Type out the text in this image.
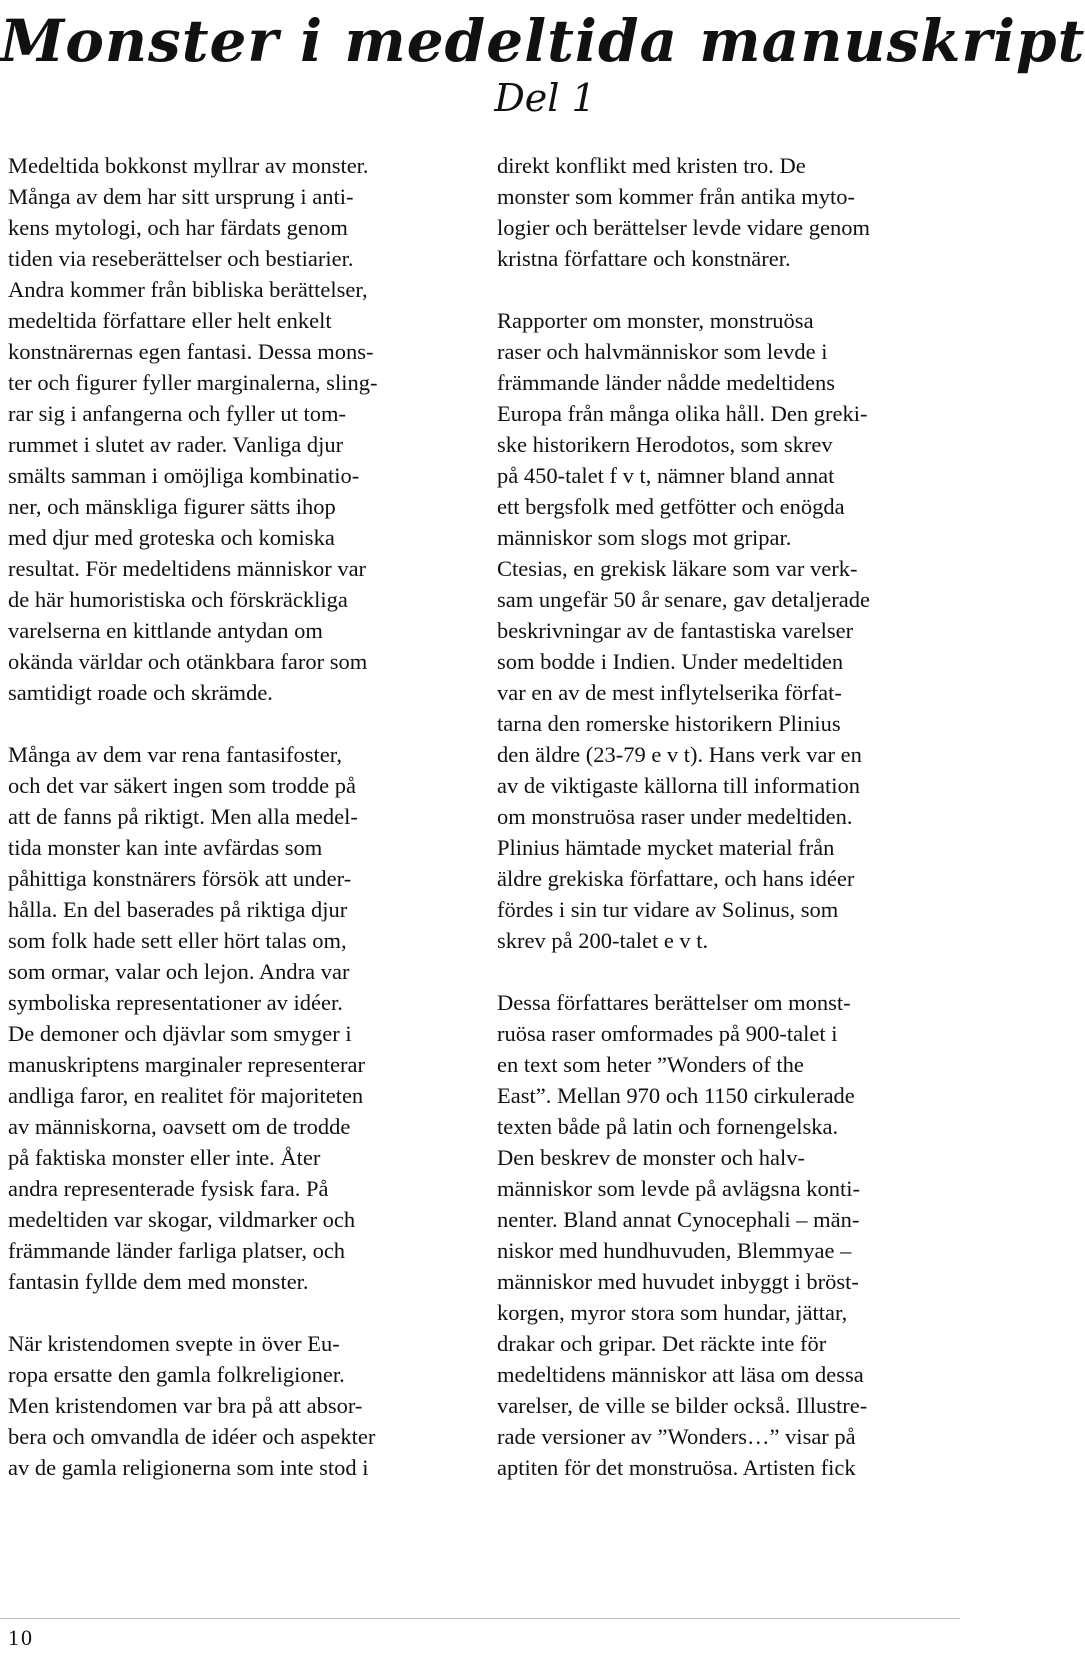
Monster i medeltida manuskript
Del 1

Medeltida bokkonst myllrar av monster.
Många av dem har sitt ursprung i anti-
kens mytologi, och har färdats genom
tiden via reseberättelser och bestiarier.
Andra kommer från bibliska berättelser,
medeltida författare eller helt enkelt
konstnärernas egen fantasi. Dessa mons-
ter och figurer fyller marginalerna, sling-
rar sig i anfangerna och fyller ut tom-
rummet i slutet av rader. Vanliga djur
smälts samman i omöjliga kombinatio-
ner, och mänskliga figurer sätts ihop
med djur med groteska och komiska
resultat. För medeltidens människor var
de här humoristiska och förskräckliga
varelserna en kittlande antydan om
okända världar och otänkbara faror som
samtidigt roade och skrämde.

Många av dem var rena fantasifoster,
och det var säkert ingen som trodde på
att de fanns på riktigt. Men alla medel-
tida monster kan inte avfärdas som
påhittiga konstnärers försök att under-
hålla. En del baserades på riktiga djur
som folk hade sett eller hört talas om,
som ormar, valar och lejon. Andra var
symboliska representationer av idéer.
De demoner och djävlar som smyger i
manuskriptens marginaler representerar
andliga faror, en realitet för majoriteten
av människorna, oavsett om de trodde
på faktiska monster eller inte. Åter
andra representerade fysisk fara. På
medeltiden var skogar, vildmarker och
främmande länder farliga platser, och
fantasin fyllde dem med monster.

När kristendomen svepte in över Eu-
ropa ersatte den gamla folkreligioner.
Men kristendomen var bra på att absor-
bera och omvandla de idéer och aspekter
av de gamla religionerna som inte stod i

direkt konflikt med kristen tro. De
monster som kommer från antika myto-
logier och berättelser levde vidare genom
kristna författare och konstnärer.

Rapporter om monster, monstruösa
raser och halvmänniskor som levde i
främmande länder nådde medeltidens
Europa från många olika håll. Den greki-
ske historikern Herodotos, som skrev
på 450-talet f v t, nämner bland annat
ett bergsfolk med getfötter och enögda
människor som slogs mot gripar.
Ctesias, en grekisk läkare som var verk-
sam ungefär 50 år senare, gav detaljerade
beskrivningar av de fantastiska varelser
som bodde i Indien. Under medeltiden
var en av de mest inflytelserika förfat-
tarna den romerske historikern Plinius
den äldre (23-79 e v t). Hans verk var en
av de viktigaste källorna till information
om monstruösa raser under medeltiden.
Plinius hämtade mycket material från
äldre grekiska författare, och hans idéer
fördes i sin tur vidare av Solinus, som
skrev på 200-talet e v t.

Dessa författares berättelser om monst-
ruösa raser omformades på 900-talet i
en text som heter ”Wonders of the
East”. Mellan 970 och 1150 cirkulerade
texten både på latin och fornengelska.
Den beskrev de monster och halv-
människor som levde på avlägsna konti-
nenter. Bland annat Cynocephali – män-
niskor med hundhuvuden, Blemmyae –
människor med huvudet inbyggt i bröst-
korgen, myror stora som hundar, jättar,
drakar och gripar. Det räckte inte för
medeltidens människor att läsa om dessa
varelser, de ville se bilder också. Illustre-
rade versioner av ”Wonders…” visar på
aptiten för det monstruösa. Artisten fick

10
